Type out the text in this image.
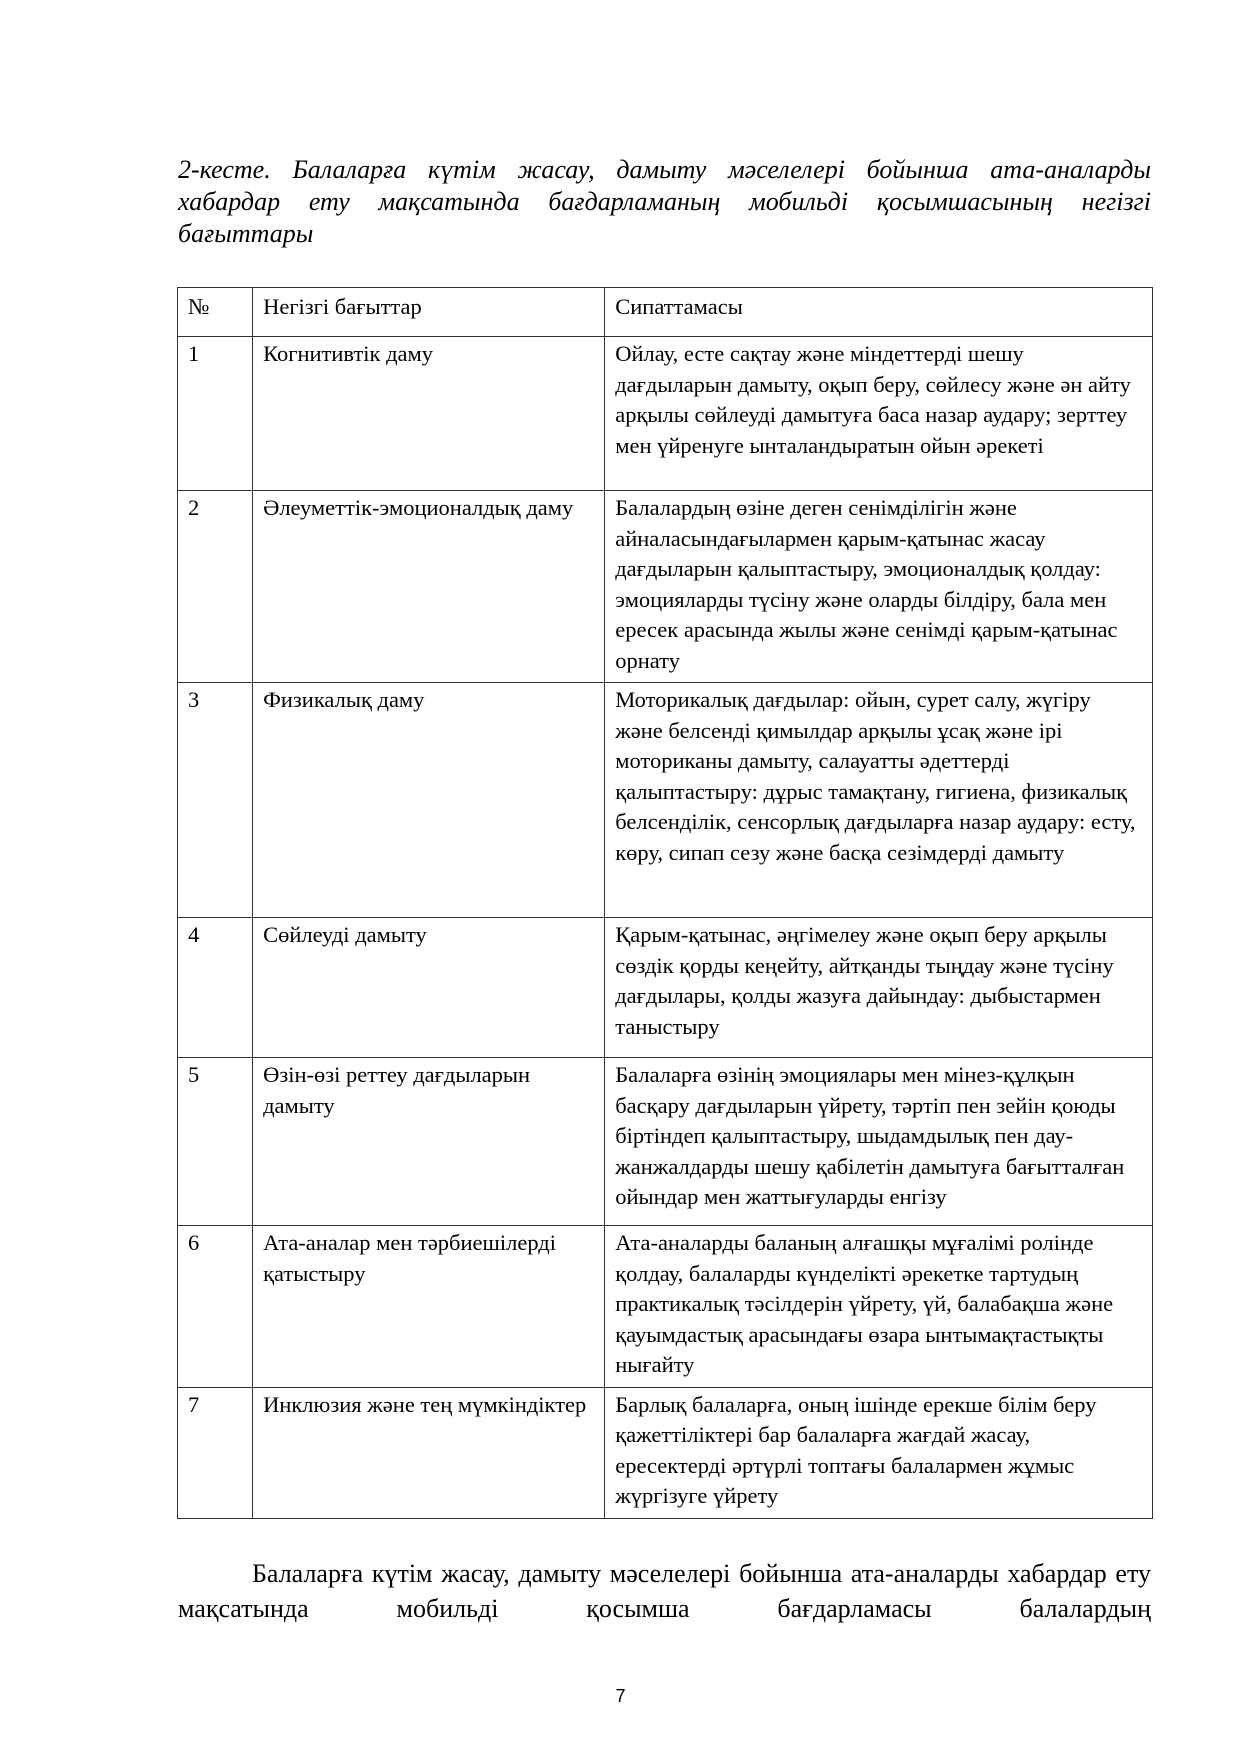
2-кесте. Балаларға күтім жасау, дамыту мәселелері бойынша ата-аналарды хабардар ету мақсатында бағдарламаның мобильді қосымшасының негізгі бағыттары

№	Негізгі бағыттар	Сипаттамасы
1	Когнитивтік даму	Ойлау, есте сақтау және міндеттерді шешу дағдыларын дамыту, оқып беру, сөйлесу және ән айту арқылы сөйлеуді дамытуға баса назар аудару; зерттеу мен үйренуге ынталандыратын ойын әрекеті
2	Әлеуметтік-эмоционалдық даму	Балалардың өзіне деген сенімділігін және айналасындағылармен қарым-қатынас жасау дағдыларын қалыптастыру, эмоционалдық қолдау: эмоцияларды түсіну және оларды білдіру, бала мен ересек арасында жылы және сенімді қарым-қатынас орнату
3	Физикалық даму	Моторикалық дағдылар: ойын, сурет салу, жүгіру және белсенді қимылдар арқылы ұсақ және ірі моториканы дамыту, салауатты әдеттерді қалыптастыру: дұрыс тамақтану, гигиена, физикалық белсенділік, сенсорлық дағдыларға назар аудару: есту, көру, сипап сезу және басқа сезімдерді дамыту
4	Сөйлеуді дамыту	Қарым-қатынас, әңгімелеу және оқып беру арқылы сөздік қорды кеңейту, айтқанды тыңдау және түсіну дағдылары, қолды жазуға дайындау: дыбыстармен таныстыру
5	Өзін-өзі реттеу дағдыларын дамыту	Балаларға өзінің эмоциялары мен мінез-құлқын басқару дағдыларын үйрету, тәртіп пен зейін қоюды біртіндеп қалыптастыру, шыдамдылық пен дау-жанжалдарды шешу қабілетін дамытуға бағытталған ойындар мен жаттығуларды енгізу
6	Ата-аналар мен тәрбиешілерді қатыстыру	Ата-аналарды баланың алғашқы мұғалімі ролінде қолдау, балаларды күнделікті әрекетке тартудың практикалық тәсілдерін үйрету, үй, балабақша және қауымдастық арасындағы өзара ынтымақтастықты нығайту
7	Инклюзия және тең мүмкіндіктер	Барлық балаларға, оның ішінде ерекше білім беру қажеттіліктері бар балаларға жағдай жасау, ересектерді әртүрлі топтағы балалармен жұмыс жүргізуге үйрету

Балаларға күтім жасау, дамыту мәселелері бойынша ата-аналарды хабардар ету мақсатында мобильді қосымша бағдарламасы балалардың

7
